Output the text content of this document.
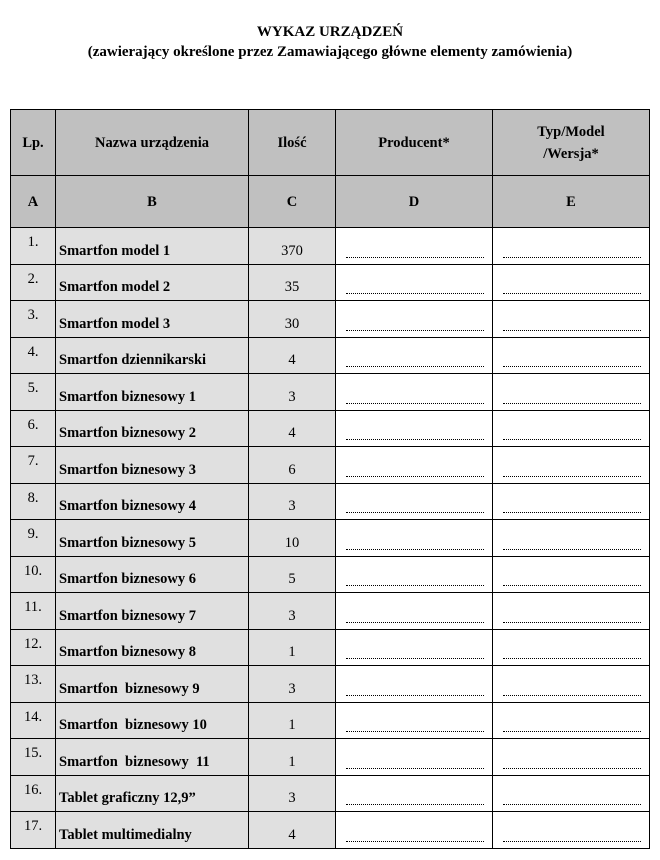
WYKAZ URZĄDZEŃ
(zawierający określone przez Zamawiającego główne elementy zamówienia)
Lp.	Nazwa urządzenia	Ilość	Producent*	Typ/Model
/Wersja*
A	B	C	D	E
1.	Smartfon model 1	370	

2.	Smartfon model 2	35	

3.	Smartfon model 3	30	

4.	Smartfon dziennikarski	4	

5.	Smartfon biznesowy 1	3	

6.	Smartfon biznesowy 2	4	

7.	Smartfon biznesowy 3	6	

8.	Smartfon biznesowy 4	3	

9.	Smartfon biznesowy 5	10	

10.	Smartfon biznesowy 6	5	

11.	Smartfon biznesowy 7	3	

12.	Smartfon biznesowy 8	1	

13.	Smartfon  biznesowy 9	3	

14.	Smartfon  biznesowy 10	1	

15.	Smartfon  biznesowy  11	1	

16.	Tablet graficzny 12,9”	3	

17.	Tablet multimedialny	4	
